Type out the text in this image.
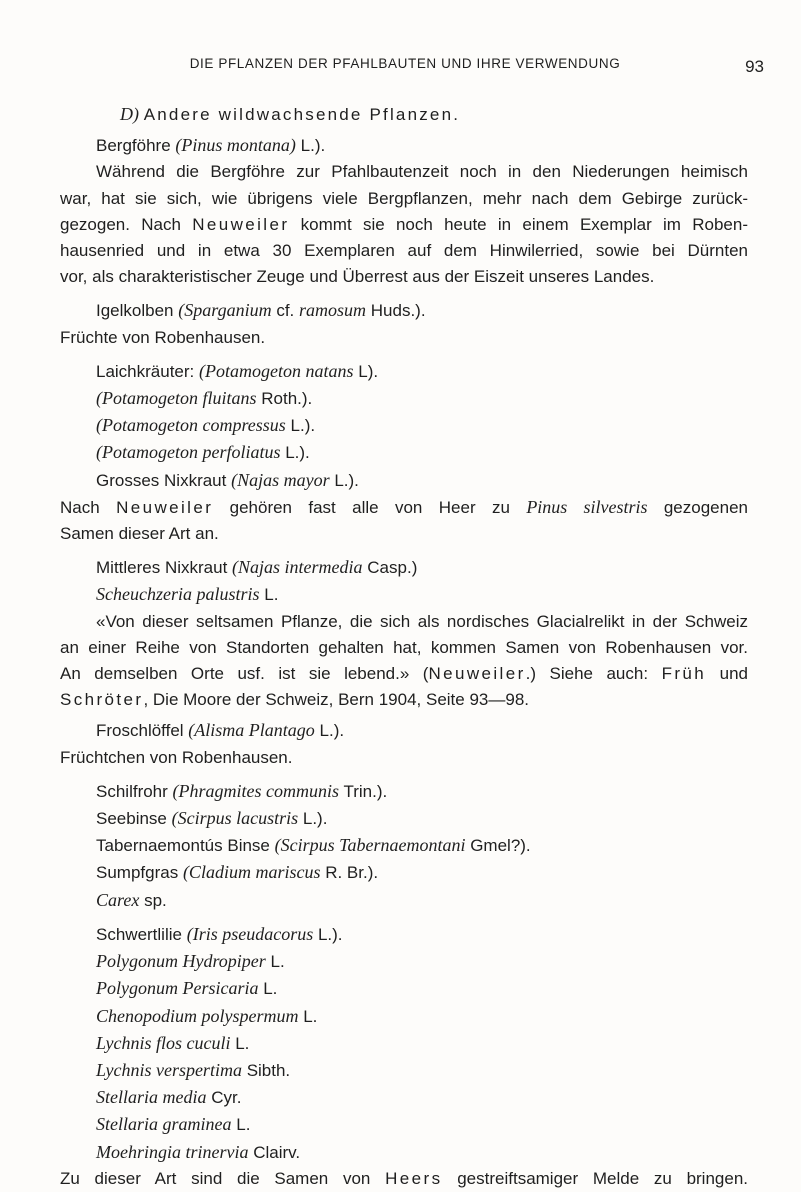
DIE PFLANZEN DER PFAHLBAUTEN UND IHRE VERWENDUNG	93

D) Andere wildwachsende Pflanzen.

Bergföhre (Pinus montana) L.).

Während die Bergföhre zur Pfahlbautenzeit noch in den Niederungen heimisch

war, hat sie sich, wie übrigens viele Bergpflanzen, mehr nach dem Gebirge zurück-

gezogen. Nach Neuweiler kommt sie noch heute in einem Exemplar im Roben-

hausenried und in etwa 30 Exemplaren auf dem Hinwilerried, sowie bei Dürnten

vor, als charakteristischer Zeuge und Überrest aus der Eiszeit unseres Landes.

Igelkolben (Sparganium cf. ramosum Huds.).

Früchte von Robenhausen.

Laichkräuter: (Potamogeton natans L).

(Potamogeton fluitans Roth.).

(Potamogeton compressus L.).

(Potamogeton perfoliatus L.).

Grosses Nixkraut (Najas mayor L.).

Nach Neuweiler gehören fast alle von Heer zu Pinus silvestris gezogenen

Samen dieser Art an.

Mittleres Nixkraut (Najas intermedia Casp.)

Scheuchzeria palustris L.

«Von dieser seltsamen Pflanze, die sich als nordisches Glacialrelikt in der Schweiz

an einer Reihe von Standorten gehalten hat, kommen Samen von Robenhausen vor.

An demselben Orte usf. ist sie lebend.» (Neuweiler.) Siehe auch: Früh und

Schröter, Die Moore der Schweiz, Bern 1904, Seite 93—98.

Froschlöffel (Alisma Plantago L.).

Früchtchen von Robenhausen.

Schilfrohr (Phragmites communis Trin.).

Seebinse (Scirpus lacustris L.).

Tabernaemontús Binse (Scirpus Tabernaemontani Gmel?).

Sumpfgras (Cladium mariscus R. Br.).

Carex sp.

Schwertlilie (Iris pseudacorus L.).

Polygonum Hydropiper L.

Polygonum Persicaria L.

Chenopodium polyspermum L.

Lychnis flos cuculi L.

Lychnis verspertima Sibth.

Stellaria media Cyr.

Stellaria graminea L.

Moehringia trinervia Clairv.

Zu dieser Art sind die Samen von Heers gestreiftsamiger Melde zu bringen.
